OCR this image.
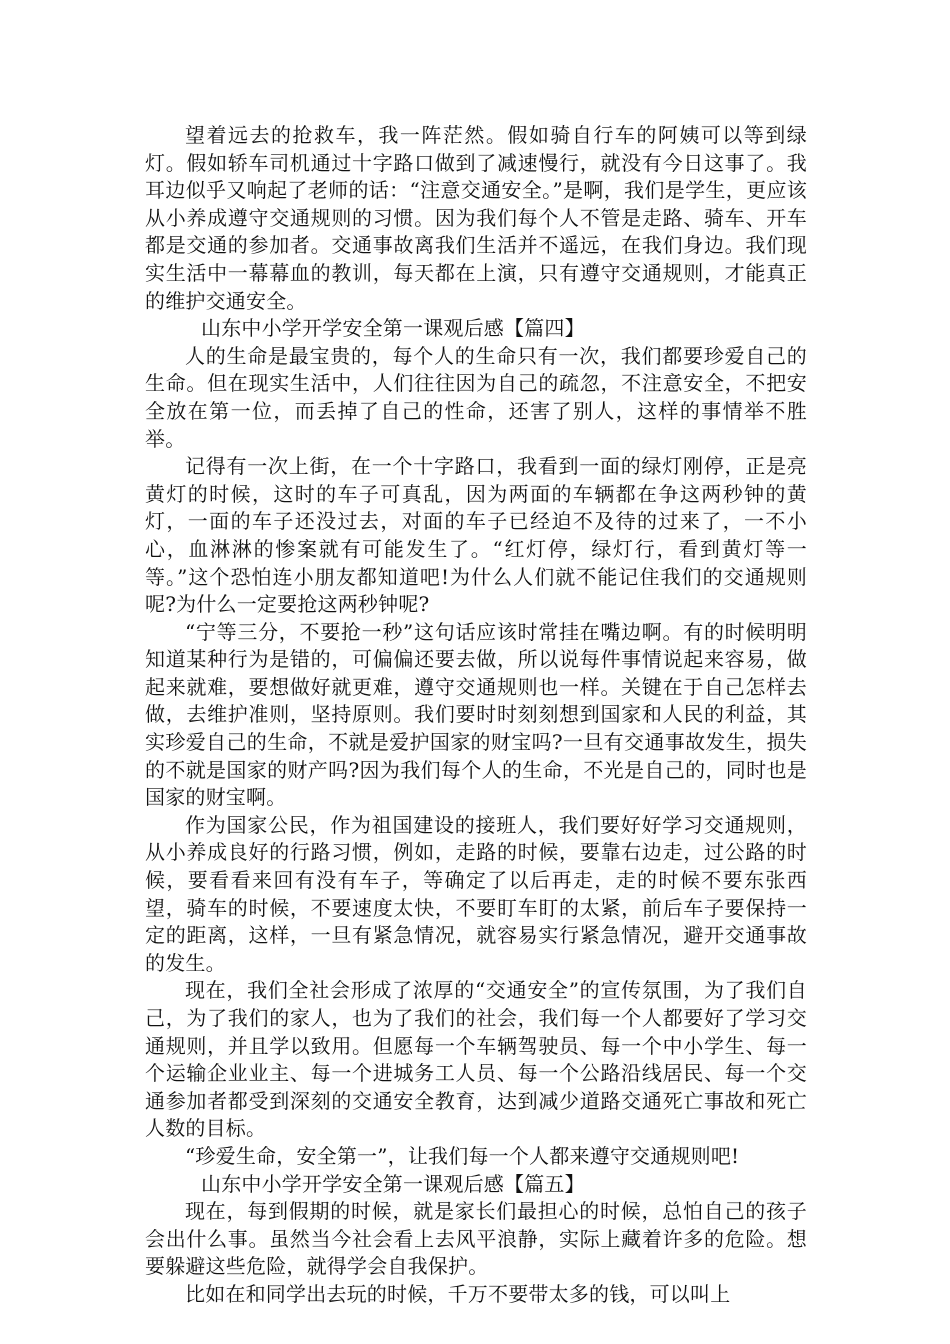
望着远去的抢救车，我一阵茫然。假如骑自行车的阿姨可以等到绿灯。假如轿车司机通过十字路口做到了减速慢行，就没有今日这事了。我耳边似乎又响起了老师的话：“注意交通安全。”是啊，我们是学生，更应该从小养成遵守交通规则的习惯。因为我们每个人不管是走路、骑车、开车都是交通的参加者。交通事故离我们生活并不遥远，在我们身边。我们现实生活中一幕幕血的教训，每天都在上演，只有遵守交通规则，才能真正的维护交通安全。

山东中小学开学安全第一课观后感【篇四】

人的生命是最宝贵的，每个人的生命只有一次，我们都要珍爱自己的生命。但在现实生活中，人们往往因为自己的疏忽，不注意安全，不把安全放在第一位，而丢掉了自己的性命，还害了别人，这样的事情举不胜举。

记得有一次上街，在一个十字路口，我看到一面的绿灯刚停，正是亮黄灯的时候，这时的车子可真乱，因为两面的车辆都在争这两秒钟的黄灯，一面的车子还没过去，对面的车子已经迫不及待的过来了，一不小心，血淋淋的惨案就有可能发生了。“红灯停，绿灯行，看到黄灯等一等。”这个恐怕连小朋友都知道吧!为什么人们就不能记住我们的交通规则呢?为什么一定要抢这两秒钟呢?

“宁等三分，不要抢一秒”这句话应该时常挂在嘴边啊。有的时候明明知道某种行为是错的，可偏偏还要去做，所以说每件事情说起来容易，做起来就难，要想做好就更难，遵守交通规则也一样。关键在于自己怎样去做，去维护准则，坚持原则。我们要时时刻刻想到国家和人民的利益，其实珍爱自己的生命，不就是爱护国家的财宝吗?一旦有交通事故发生，损失的不就是国家的财产吗?因为我们每个人的生命，不光是自己的，同时也是国家的财宝啊。

作为国家公民，作为祖国建设的接班人，我们要好好学习交通规则，从小养成良好的行路习惯，例如，走路的时候，要靠右边走，过公路的时候，要看看来回有没有车子，等确定了以后再走，走的时候不要东张西望，骑车的时候，不要速度太快，不要盯车盯的太紧，前后车子要保持一定的距离，这样，一旦有紧急情况，就容易实行紧急情况，避开交通事故的发生。

现在，我们全社会形成了浓厚的“交通安全”的宣传氛围，为了我们自己，为了我们的家人，也为了我们的社会，我们每一个人都要好了学习交通规则，并且学以致用。但愿每一个车辆驾驶员、每一个中小学生、每一个运输企业业主、每一个进城务工人员、每一个公路沿线居民、每一个交通参加者都受到深刻的交通安全教育，达到减少道路交通死亡事故和死亡人数的目标。

“珍爱生命，安全第一”，让我们每一个人都来遵守交通规则吧!

山东中小学开学安全第一课观后感【篇五】

现在，每到假期的时候，就是家长们最担心的时候，总怕自己的孩子会出什么事。虽然当今社会看上去风平浪静，实际上藏着许多的危险。想要躲避这些危险，就得学会自我保护。

比如在和同学出去玩的时候，千万不要带太多的钱，可以叫上
